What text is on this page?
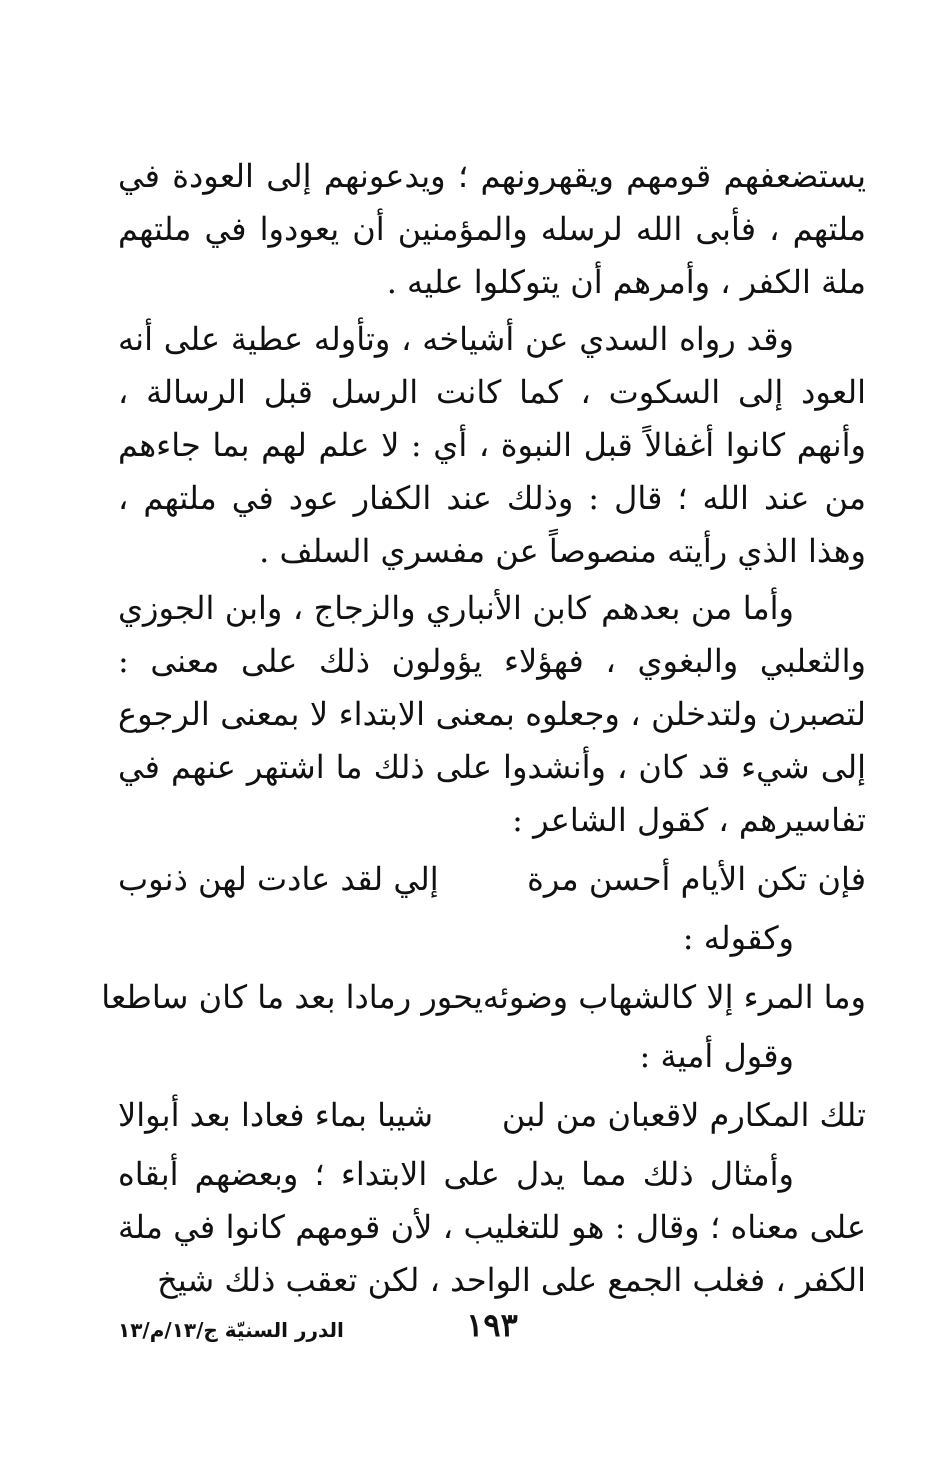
يستضعفهم قومهم ويقهرونهم ؛ ويدعونهم إلى العودة في ملتهم ، فأبى الله لرسله والمؤمنين أن يعودوا في ملتهم ملة الكفر ، وأمرهم أن يتوكلوا عليه .

وقد رواه السدي عن أشياخه ، وتأوله عطية على أنه العود إلى السكوت ، كما كانت الرسل قبل الرسالة ، وأنهم كانوا أغفالاً قبل النبوة ، أي : لا علم لهم بما جاءهم من عند الله ؛ قال : وذلك عند الكفار عود في ملتهم ، وهذا الذي رأيته منصوصاً عن مفسري السلف .

وأما من بعدهم كابن الأنباري والزجاج ، وابن الجوزي والثعلبي والبغوي ، فهؤلاء يؤولون ذلك على معنى : لتصبرن ولتدخلن ، وجعلوه بمعنى الابتداء لا بمعنى الرجوع إلى شيء قد كان ، وأنشدوا على ذلك ما اشتهر عنهم في تفاسيرهم ، كقول الشاعر :

فإن تكن الأيام أحسن مرة
إلي لقد عادت لهن ذنوب

وكقوله :

وما المرء إلا كالشهاب وضوئه
يحور رمادا بعد ما كان ساطعا

وقول أمية :

تلك المكارم لاقعبان من لبن
شيبا بماء فعادا بعد أبوالا

وأمثال ذلك مما يدل على الابتداء ؛ وبعضهم أبقاه على معناه ؛ وقال : هو للتغليب ، لأن قومهم كانوا في ملة الكفر ، فغلب الجمع على الواحد ، لكن تعقب ذلك شيخ

١٩٣
الدرر السنيّة ج/١٣/م/١٣
